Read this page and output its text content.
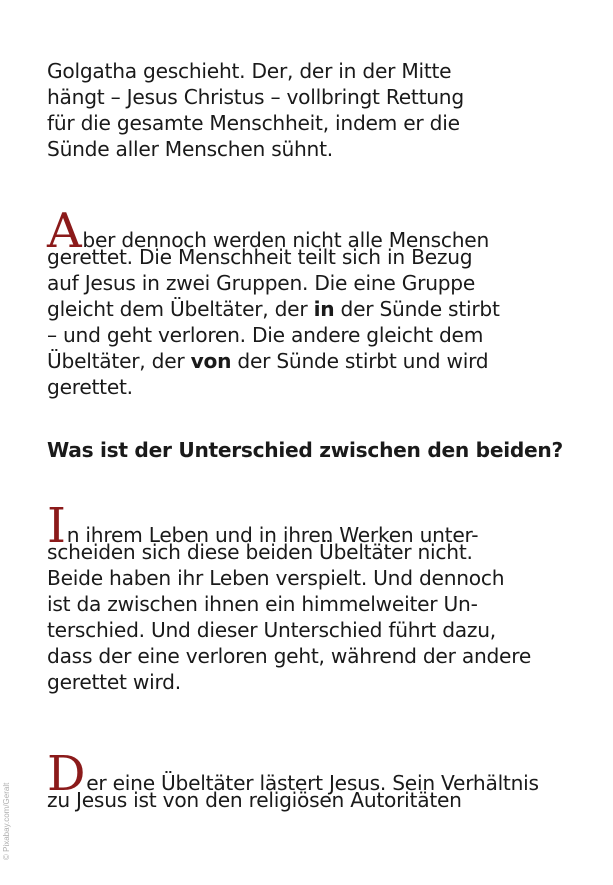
Golgatha geschieht. Der, der in der Mitte
hängt – Jesus Christus – vollbringt Rettung
für die gesamte Menschheit, indem er die
Sünde aller Menschen sühnt.
Aber dennoch werden nicht alle Menschen
gerettet. Die Menschheit teilt sich in Bezug
auf Jesus in zwei Gruppen. Die eine Gruppe
gleicht dem Übeltäter, der in der Sünde stirbt
– und geht verloren. Die andere gleicht dem
Übeltäter, der von der Sünde stirbt und wird
gerettet.
Was ist der Unterschied zwischen den beiden?
In ihrem Leben und in ihren Werken unter-
scheiden sich diese beiden Übeltäter nicht.
Beide haben ihr Leben verspielt. Und dennoch
ist da zwischen ihnen ein himmelweiter Un-
terschied. Und dieser Unterschied führt dazu,
dass der eine verloren geht, während der andere
gerettet wird.
Der eine Übeltäter lästert Jesus. Sein Verhältnis
zu Jesus ist von den religiösen Autoritäten
© Pixabay.com/Geralt
